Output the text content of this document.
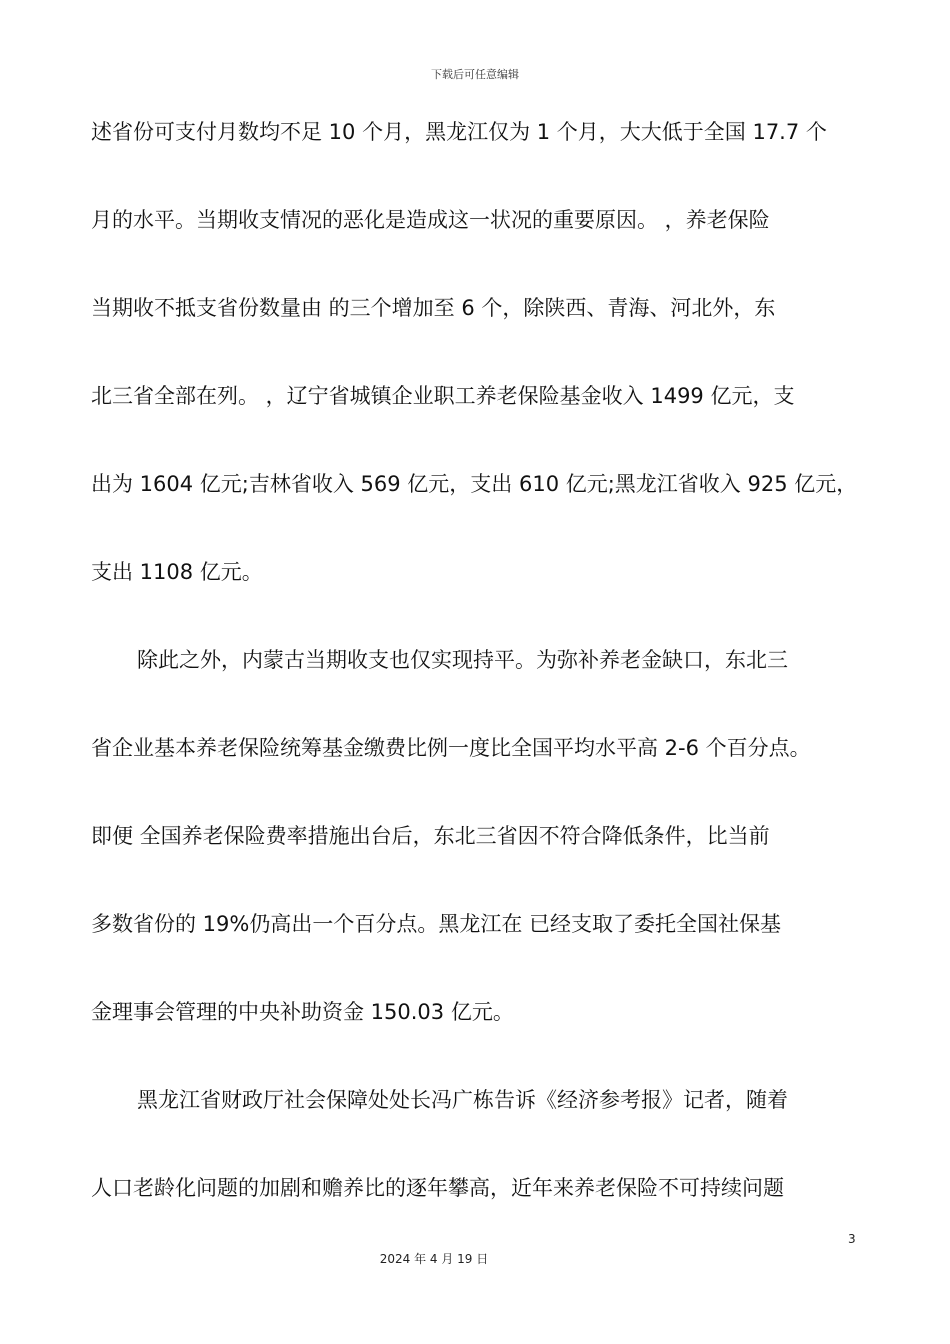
下载后可任意编辑

述省份可支付月数均不足 10 个月，黑龙江仅为 1 个月，大大低于全国 17.7 个
月的水平。当期收支情况的恶化是造成这一状况的重要原因。 ，养老保险
当期收不抵支省份数量由 的三个增加至 6 个，除陕西、青海、河北外，东
北三省全部在列。 ，辽宁省城镇企业职工养老保险基金收入 1499 亿元，支
出为 1604 亿元;吉林省收入 569 亿元，支出 610 亿元;黑龙江省收入 925 亿元，
支出 1108 亿元。

除此之外，内蒙古当期收支也仅实现持平。为弥补养老金缺口，东北三
省企业基本养老保险统筹基金缴费比例一度比全国平均水平高 2-6 个百分点。
即便 全国养老保险费率措施出台后，东北三省因不符合降低条件，比当前
多数省份的 19%仍高出一个百分点。黑龙江在 已经支取了委托全国社保基
金理事会管理的中央补助资金 150.03 亿元。

黑龙江省财政厅社会保障处处长冯广栋告诉《经济参考报》记者，随着
人口老龄化问题的加剧和赡养比的逐年攀高，近年来养老保险不可持续问题

3
2024 年 4 月 19 日
